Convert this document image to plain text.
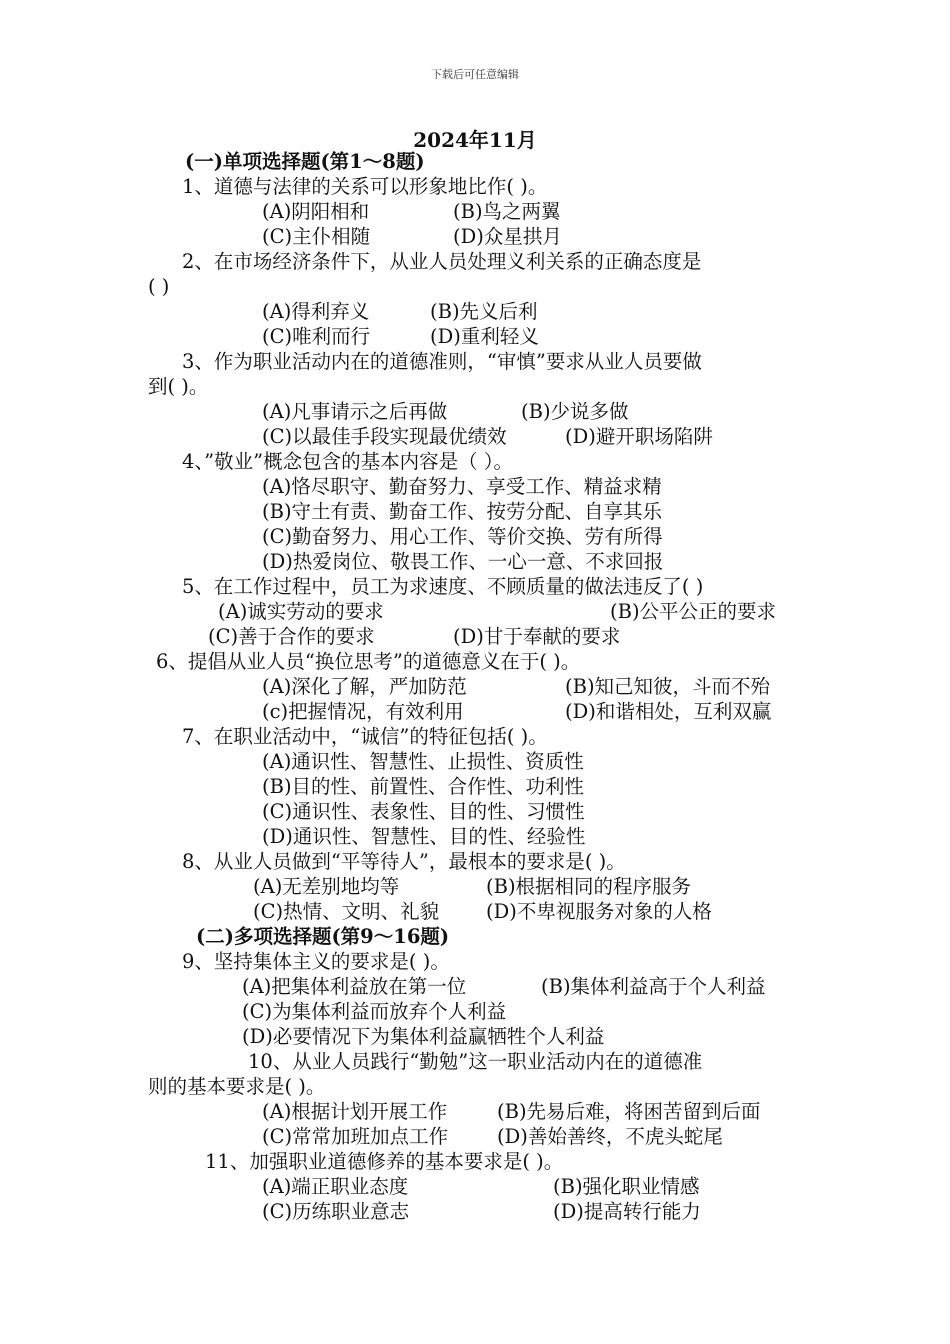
下载后可任意编辑
2024年11月
(一)单项选择题(第1～8题)
1、道德与法律的关系可以形象地比作( )。
(A)阴阳相和	(B)鸟之两翼
(C)主仆相随	(D)众星拱月
2、在市场经济条件下，从业人员处理义利关系的正确态度是
( )
(A)得利弃义	(B)先义后利
(C)唯利而行	(D)重利轻义
3、作为职业活动内在的道德准则，“审慎”要求从业人员要做
到( )。
(A)凡事请示之后再做	(B)少说多做
(C)以最佳手段实现最优绩效	(D)避开职场陷阱
4、”敬业”概念包含的基本内容是（ ）。
(A)恪尽职守、勤奋努力、享受工作、精益求精
(B)守土有责、勤奋工作、按劳分配、自享其乐
(C)勤奋努力、用心工作、等价交换、劳有所得
(D)热爱岗位、敬畏工作、一心一意、不求回报
5、在工作过程中，员工为求速度、不顾质量的做法违反了( )
(A)诚实劳动的要求	(B)公平公正的要求
(C)善于合作的要求	(D)甘于奉献的要求
6、提倡从业人员“换位思考”的道德意义在于( )。
(A)深化了解，严加防范	(B)知己知彼，斗而不殆
(c)把握情况，有效利用	(D)和谐相处，互利双赢
7、在职业活动中，“诚信”的特征包括( )。
(A)通识性、智慧性、止损性、资质性
(B)目的性、前置性、合作性、功利性
(C)通识性、表象性、目的性、习惯性
(D)通识性、智慧性、目的性、经验性
8、从业人员做到“平等待人”，最根本的要求是( )。
(A)无差别地均等	(B)根据相同的程序服务
(C)热情、文明、礼貌 (D)不卑视服务对象的人格
(二)多项选择题(第9～16题)
9、坚持集体主义的要求是( )。
(A)把集体利益放在第一位	(B)集体利益高于个人利益
(C)为集体利益而放弃个人利益
(D)必要情况下为集体利益赢牺牲个人利益
10、从业人员践行“勤勉”这一职业活动内在的道德准
则的基本要求是( )。
(A)根据计划开展工作	(B)先易后难，将困苦留到后面
(C)常常加班加点工作	(D)善始善终，不虎头蛇尾
11、加强职业道德修养的基本要求是( )。
(A)端正职业态度	(B)强化职业情感
(C)历练职业意志	(D)提高转行能力
